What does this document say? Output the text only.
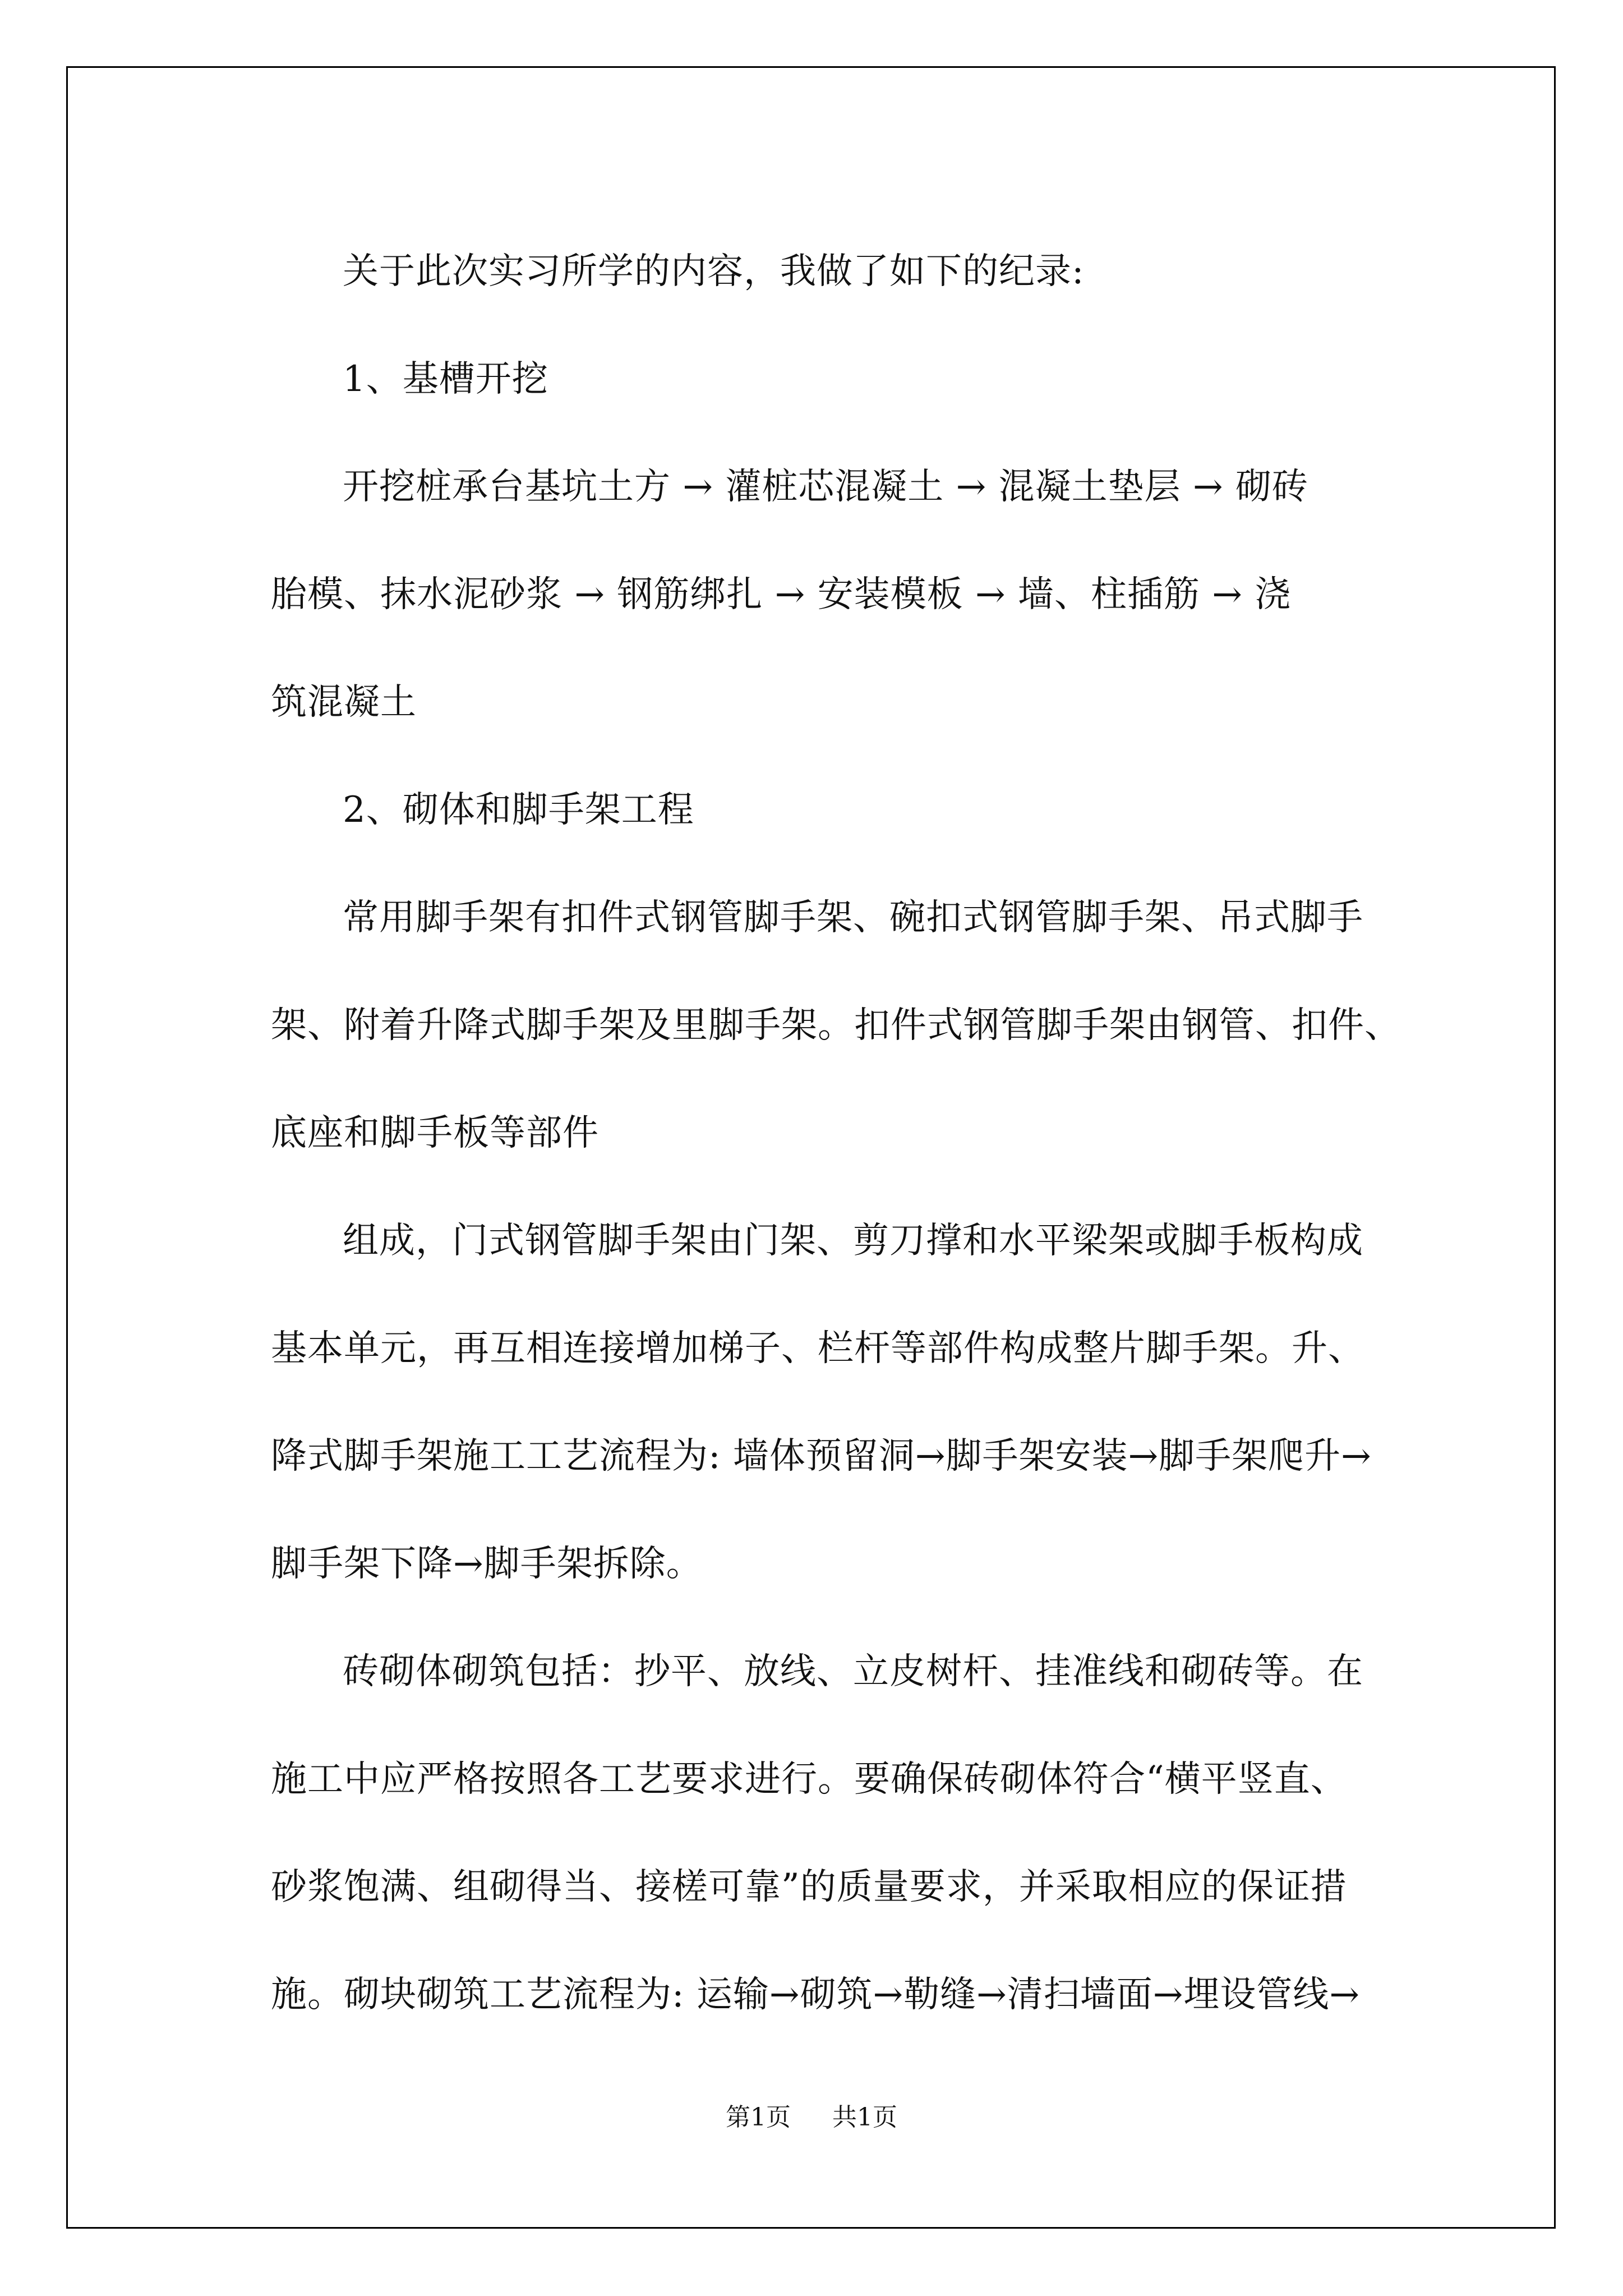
关于此次实习所学的内容，我做了如下的纪录:
1、基槽开挖
开挖桩承台基坑土方 → 灌桩芯混凝土 → 混凝土垫层 → 砌砖
胎模、抹水泥砂浆 → 钢筋绑扎 → 安装模板 → 墙、柱插筋 → 浇
筑混凝土
2、砌体和脚手架工程
常用脚手架有扣件式钢管脚手架、碗扣式钢管脚手架、吊式脚手
架、附着升降式脚手架及里脚手架。扣件式钢管脚手架由钢管、扣件、
底座和脚手板等部件
组成，门式钢管脚手架由门架、剪刀撑和水平梁架或脚手板构成
基本单元，再互相连接增加梯子、栏杆等部件构成整片脚手架。升、
降式脚手架施工工艺流程为: 墙体预留洞→脚手架安装→脚手架爬升→
脚手架下降→脚手架拆除。
砖砌体砌筑包括：抄平、放线、立皮树杆、挂准线和砌砖等。在
施工中应严格按照各工艺要求进行。要确保砖砌体符合“横平竖直、
砂浆饱满、组砌得当、接槎可靠”的质量要求，并采取相应的保证措
施。砌块砌筑工艺流程为: 运输→砌筑→勒缝→清扫墙面→埋设管线→
第1页 共1页
